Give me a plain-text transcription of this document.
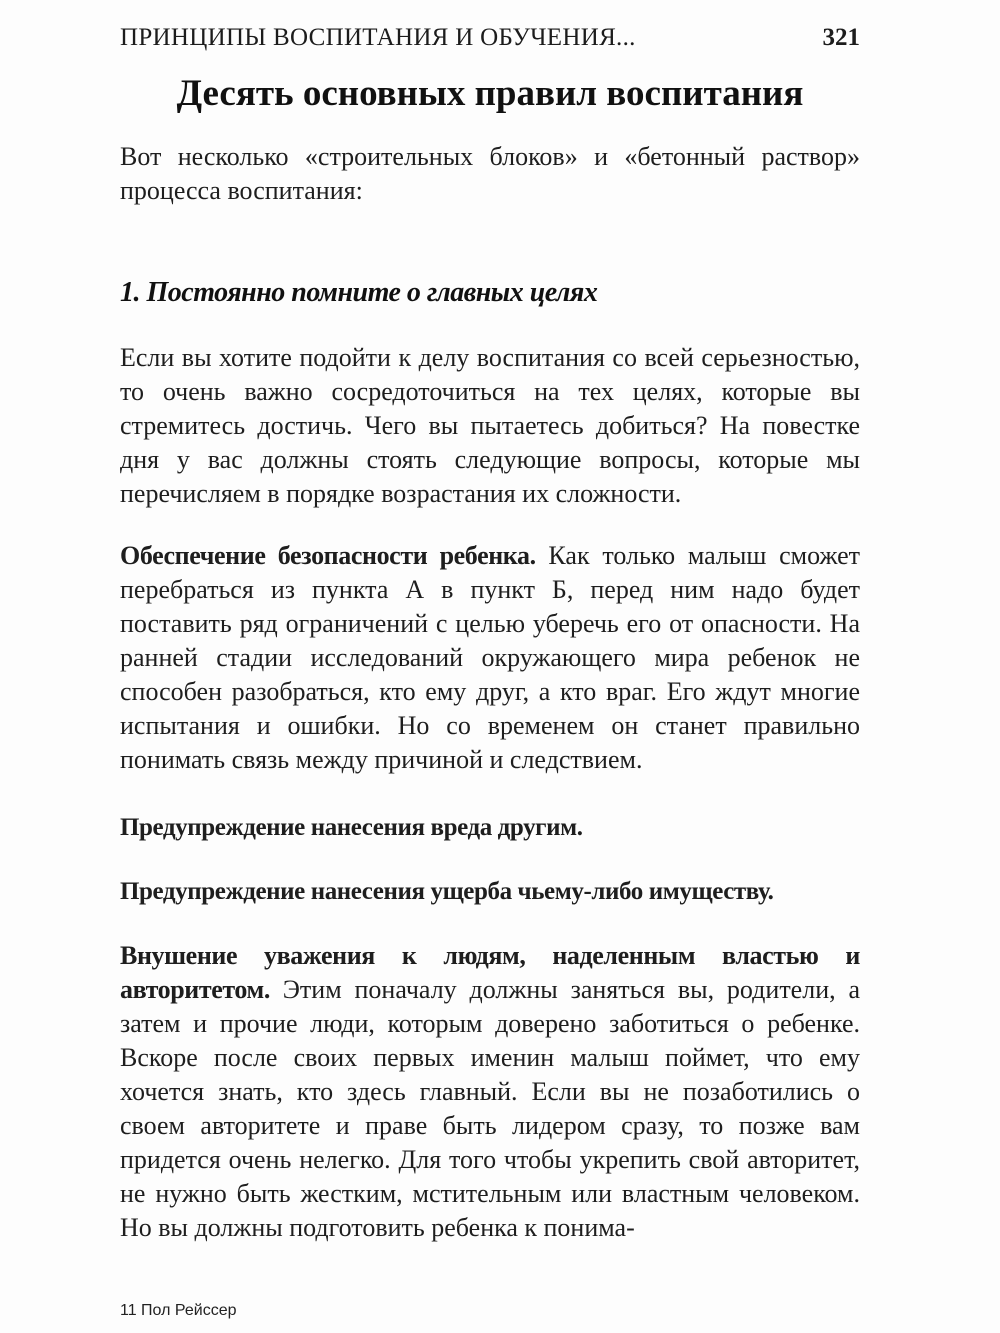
ПРИНЦИПЫ ВОСПИТАНИЯ И ОБУЧЕНИЯ...	321
Десять основных правил воспитания

Вот несколько «строительных блоков» и «бетонный раствор» процесса воспитания:

1. Постоянно помните о главных целях

Если вы хотите подойти к делу воспитания со всей серьезностью, то очень важно сосредоточиться на тех целях, которые вы стремитесь достичь. Чего вы пытаетесь добиться? На повестке дня у вас должны стоять следующие вопросы, которые мы перечисляем в порядке возрастания их сложности.

Обеспечение безопасности ребенка. Как только малыш сможет перебраться из пункта А в пункт Б, перед ним надо будет поставить ряд ограничений с целью уберечь его от опасности. На ранней стадии исследований окружающего мира ребенок не способен разобраться, кто ему друг, а кто враг. Его ждут многие испытания и ошибки. Но со временем он станет правильно понимать связь между причиной и следствием.

Предупреждение нанесения вреда другим.

Предупреждение нанесения ущерба чьему-либо имуществу.

Внушение уважения к людям, наделенным властью и авторитетом. Этим поначалу должны заняться вы, родители, а затем и прочие люди, которым доверено заботиться о ребенке. Вскоре после своих первых именин малыш поймет, что ему хочется знать, кто здесь главный. Если вы не позаботились о своем авторитете и праве быть лидером сразу, то позже вам придется очень нелегко. Для того чтобы укрепить свой авторитет, не нужно быть жестким, мстительным или властным человеком. Но вы должны подготовить ребенка к понима-

11 Пол Рейссер
